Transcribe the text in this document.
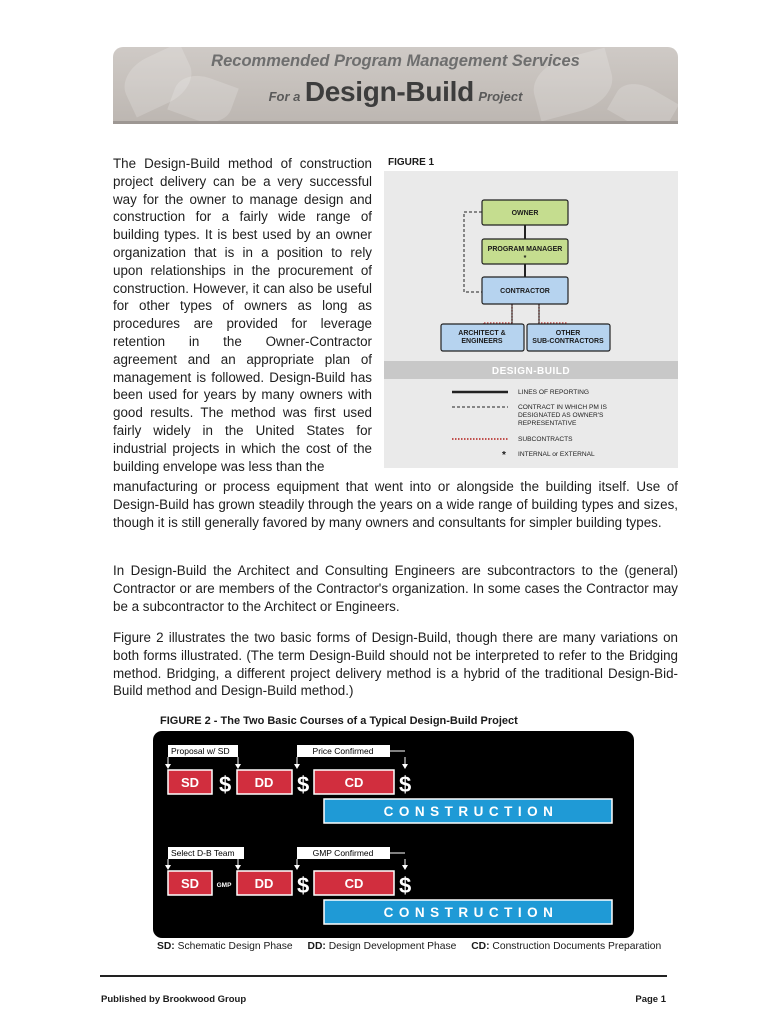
Recommended Program Management Services
For a Design-Build Project

The Design-Build method of construction project delivery can be a very successful way for the owner to manage design and construction for a fairly wide range of building types. It is best used by an owner organization that is in a position to rely upon relationships in the procurement of construction. However, it can also be useful for other types of owners as long as procedures are provided for leverage retention in the Owner-Contractor agreement and an appropriate plan of management is followed. Design-Build has been used for years by many owners with good results. The method was first used fairly widely in the United States for industrial projects in which the cost of the building envelope was less than the

manufacturing or process equipment that went into or alongside the building itself. Use of Design-Build has grown steadily through the years on a wide range of building types and sizes, though it is still generally favored by many owners and consultants for simpler building types.

In Design-Build the Architect and Consulting Engineers are subcontractors to the (general) Contractor or are members of the Contractor's organization. In some cases the Contractor may be a subcontractor to the Architect or Engineers.

Figure 2 illustrates the two basic forms of Design-Build, though there are many variations on both forms illustrated. (The term Design-Build should not be interpreted to refer to the Bridging method. Bridging, a different project delivery method is a hybrid of the traditional Design-Bid-Build method and Design-Build method.)

FIGURE 1
OWNER
PROGRAM MANAGER
*
CONTRACTOR
ARCHITECT &
ENGINEERS
OTHER
SUB-CONTRACTORS
DESIGN-BUILD
LINES OF REPORTING
CONTRACT IN WHICH PM IS
DESIGNATED AS OWNER'S
REPRESENTATIVE
SUBCONTRACTS
* INTERNAL or EXTERNAL
FIGURE 2 - The Two Basic Courses of a Typical Design-Build Project
Proposal w/ SD	Price Confirmed
SD $ DD $	CD $
CONSTRUCTION
Select D-B Team	GMP Confirmed
SD	GMP DD $	CD $
CONSTRUCTION
SD: Schematic Design Phase DD: Design Development Phase CD: Construction Documents Preparation
Published by Brookwood Group	Page 1
